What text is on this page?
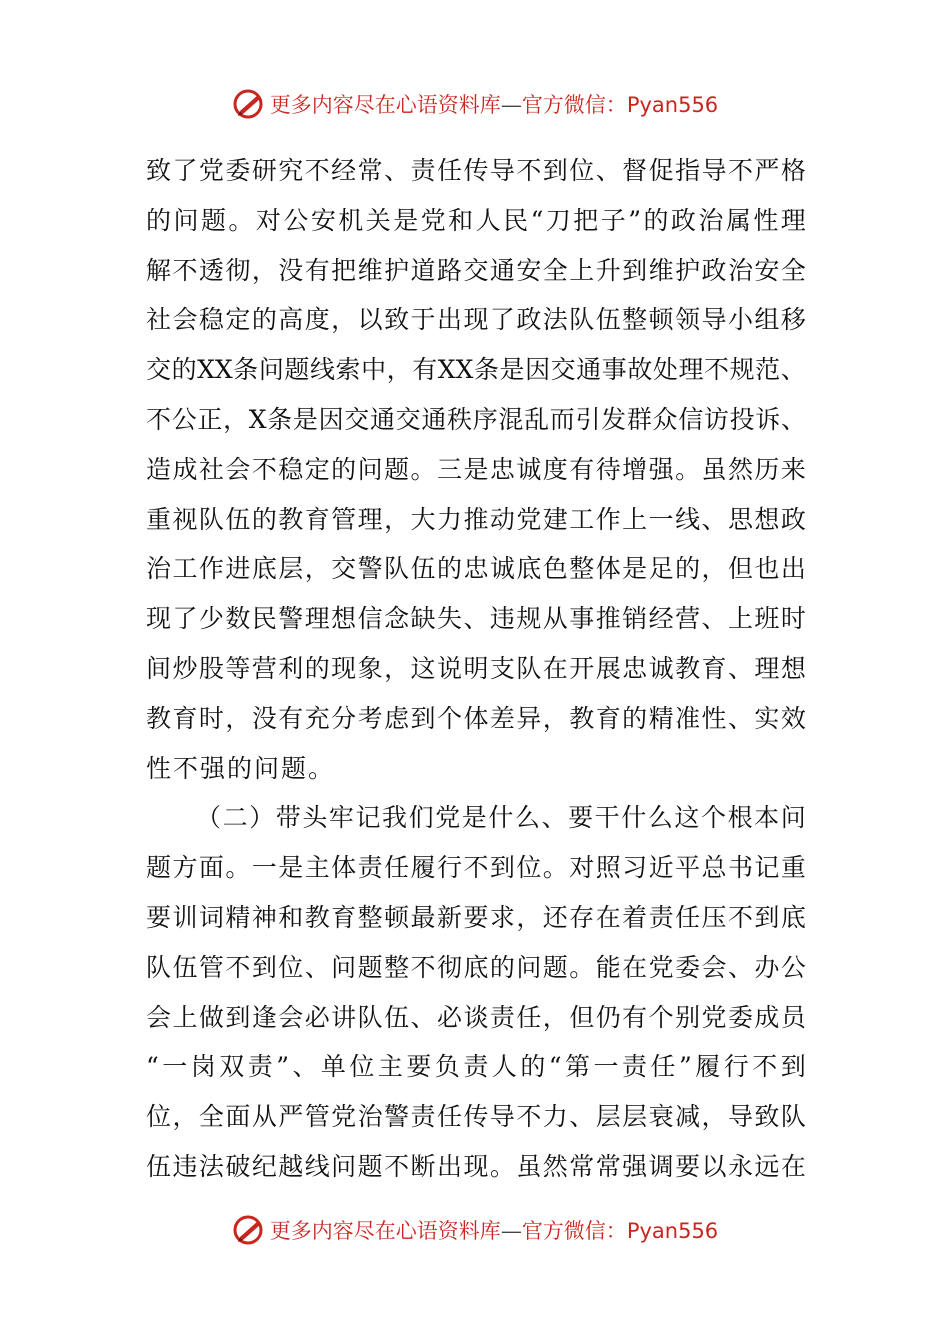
更多内容尽在心语资料库—官方微信：Pyan556
致 了 党 委 研 究 不 经 常 、 责 任 传 导 不 到 位 、 督 促 指 导 不 严 格
的 问 题 。 对 公 安 机 关 是 党 和 人 民 “ 刀 把 子 ” 的 政 治 属 性 理
解 不 透 彻 ， 没 有 把 维 护 道 路 交 通 安 全 上 升 到 维 护 政 治 安 全
社 会 稳 定 的 高 度 ， 以 致 于 出 现 了 政 法 队 伍 整 顿 领 导 小 组 移
交 的 XX 条 问 题 线 索 中 ， 有 XX 条 是 因 交 通 事 故 处 理 不 规 范 、
不 公 正 ， X 条 是 因 交 通 交 通 秩 序 混 乱 而 引 发 群 众 信 访 投 诉 、
造 成 社 会 不 稳 定 的 问 题 。 三 是 忠 诚 度 有 待 增 强 。 虽 然 历 来
重 视 队 伍 的 教 育 管 理 ， 大 力 推 动 党 建 工 作 上 一 线 、 思 想 政
治 工 作 进 底 层 ， 交 警 队 伍 的 忠 诚 底 色 整 体 是 足 的 ， 但 也 出
现 了 少 数 民 警 理 想 信 念 缺 失 、 违 规 从 事 推 销 经 营 、 上 班 时
间 炒 股 等 营 利 的 现 象 ， 这 说 明 支 队 在 开 展 忠 诚 教 育 、 理 想
教 育 时 ， 没 有 充 分 考 虑 到 个 体 差 异 ， 教 育 的 精 准 性 、 实 效
性不强的问题。
（ 二 ） 带 头 牢 记 我 们 党 是 什 么 、 要 干 什 么 这 个 根 本 问
题 方 面 。 一 是 主 体 责 任 履 行 不 到 位 。 对 照 习 近 平 总 书 记 重
要 训 词 精 神 和 教 育 整 顿 最 新 要 求 ， 还 存 在 着 责 任 压 不 到 底
队 伍 管 不 到 位 、 问 题 整 不 彻 底 的 问 题 。 能 在 党 委 会 、 办 公
会 上 做 到 逢 会 必 讲 队 伍 、 必 谈 责 任 ， 但 仍 有 个 别 党 委 成 员
“ 一 岗 双 责 ” 、 单 位 主 要 负 责 人 的 “ 第 一 责 任 ” 履 行 不 到
位 ， 全 面 从 严 管 党 治 警 责 任 传 导 不 力 、 层 层 衰 减 ， 导 致 队
伍 违 法 破 纪 越 线 问 题 不 断 出 现 。 虽 然 常 常 强 调 要 以 永 远 在
更多内容尽在心语资料库—官方微信：Pyan556
